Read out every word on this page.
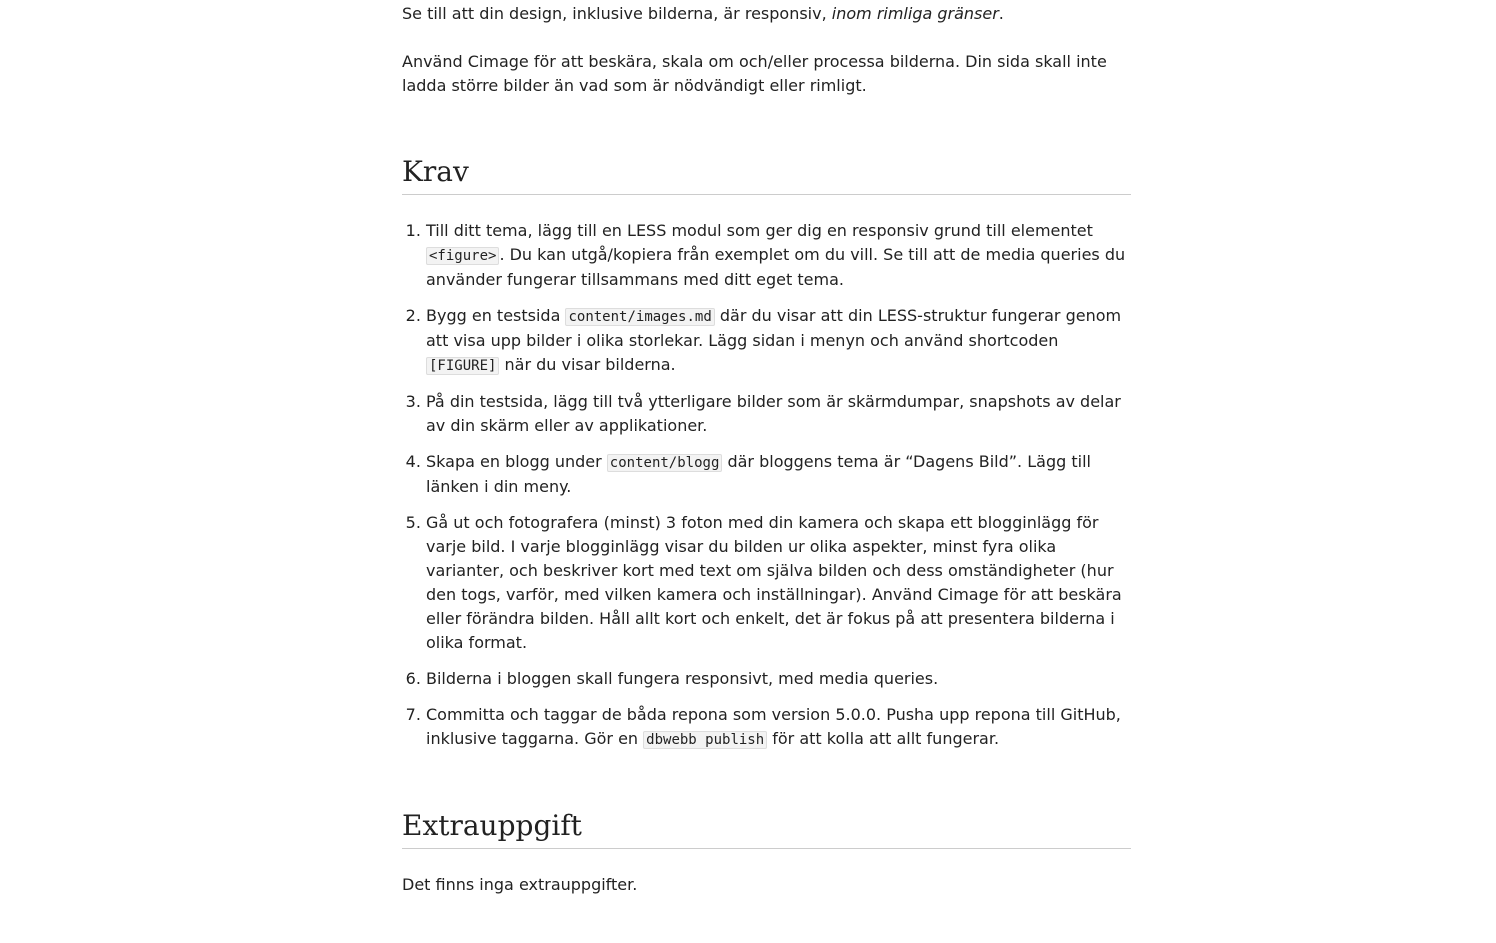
Se till att din design, inklusive bilderna, är responsiv, inom rimliga gränser.

Använd Cimage för att beskära, skala om och/eller processa bilderna. Din sida skall inte ladda större bilder än vad som är nödvändigt eller rimligt.

Krav
1. Till ditt tema, lägg till en LESS modul som ger dig en responsiv grund till elementet <figure> . Du kan utgå/kopiera från exemplet om du vill. Se till att de media queries du använder fungerar tillsammans med ditt eget tema.
2. Bygg en testsida content/images.md där du visar att din LESS-struktur fungerar genom att visa upp bilder i olika storlekar. Lägg sidan i menyn och använd shortcoden [FIGURE] när du visar bilderna.
3. På din testsida, lägg till två ytterligare bilder som är skärmdumpar, snapshots av delar av din skärm eller av applikationer.
4. Skapa en blogg under content/blogg där bloggens tema är “Dagens Bild”. Lägg till länken i din meny.
5. Gå ut och fotografera (minst) 3 foton med din kamera och skapa ett blogginlägg för varje bild. I varje blogginlägg visar du bilden ur olika aspekter, minst fyra olika varianter, och beskriver kort med text om själva bilden och dess omständigheter (hur den togs, varför, med vilken kamera och inställningar). Använd Cimage för att beskära eller förändra bilden. Håll allt kort och enkelt, det är fokus på att presentera bilderna i olika format.
6. Bilderna i bloggen skall fungera responsivt, med media queries.
7. Committa och taggar de båda repona som version 5.0.0. Pusha upp repona till GitHub, inklusive taggarna. Gör en dbwebb publish för att kolla att allt fungerar.
Extrauppgift

Det finns inga extrauppgifter.
